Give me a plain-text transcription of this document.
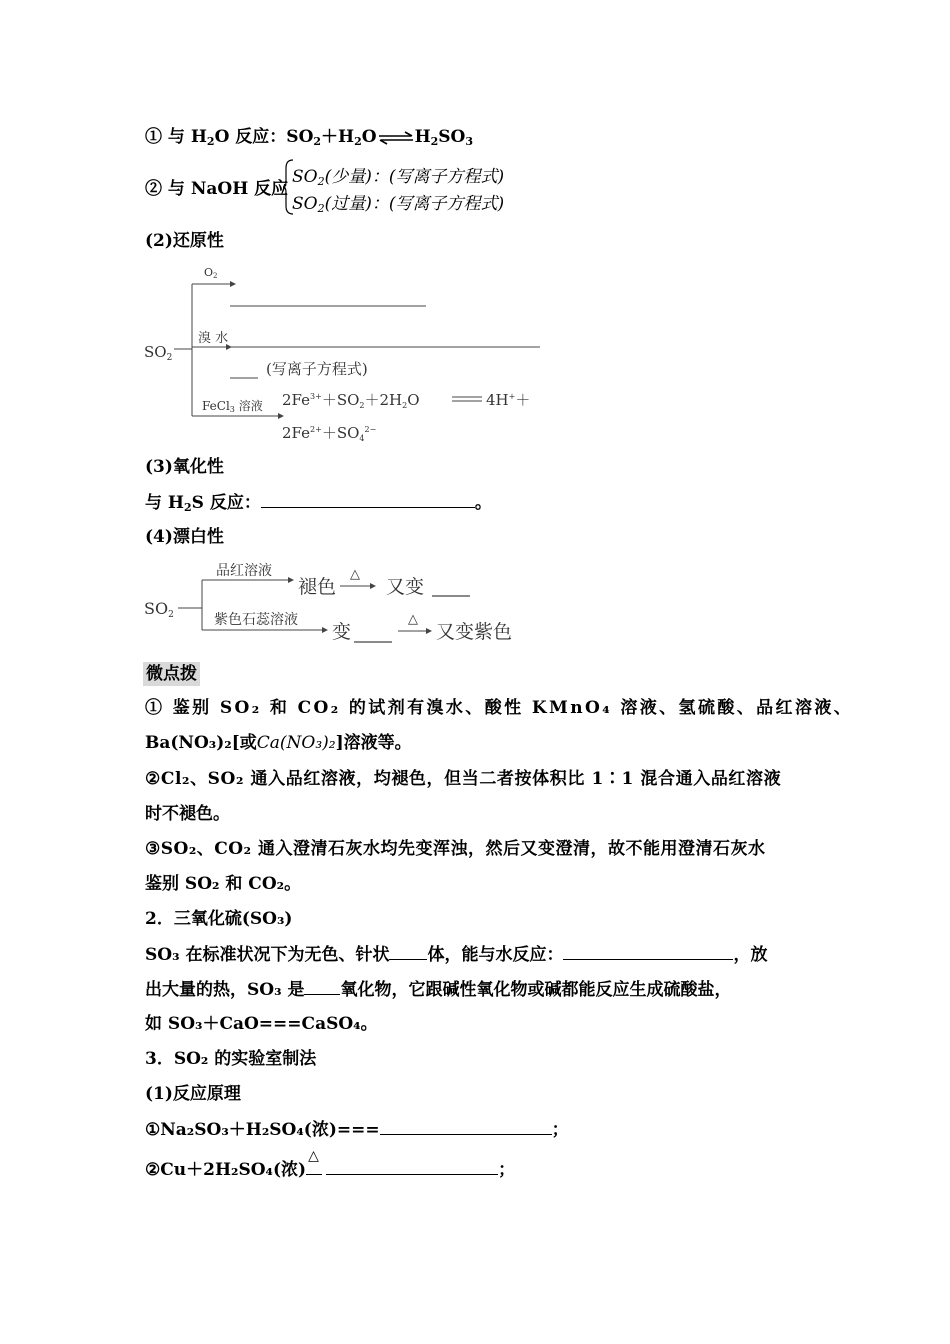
① 与 $H_2O$ 反应：$SO_2+H_2O\rightleftharpoons H_2SO_3$
② 与 NaOH 反应
$SO_2$(少量)：(写离子方程式)
$SO_2$(过量)：(写离子方程式)
(2)还原性
$SO_2$
O2
溴 水
(写离子方程式)
FeCl3 溶液 $2Fe^{3+}+SO_2+2H_2O$	4H+＋
$2Fe^{2+}+SO_4^{2-}$
(3)氧化性
与 $H_2S$ 反应：	。
(4)漂白性
SO2
品红溶液
褪色
△
又变
紫色石蕊溶液
变
△
又变紫色
微点拨
① 鉴别 SO₂ 和 CO₂ 的试剂有溴水、酸性 KMnO₄ 溶液、氢硫酸、品红溶液、
Ba(NO₃)₂[或Ca(NO₃)₂]溶液等。
②Cl₂、SO₂ 通入品红溶液，均褪色，但当二者按体积比 1∶1 混合通入品红溶液
时不褪色。
③SO₂、CO₂ 通入澄清石灰水均先变浑浊，然后又变澄清，故不能用澄清石灰水
鉴别 SO₂ 和 CO₂。
2．三氧化硫(SO₃)
SO₃ 在标准状况下为无色、针状 体，能与水反应：	，放
出大量的热，SO₃ 是 氧化物，它跟碱性氧化物或碱都能反应生成硫酸盐，
如 SO₃＋CaO===CaSO₄。
3．SO₂ 的实验室制法
(1)反应原理
①Na₂SO₃＋H₂SO₄(浓)===	；
②Cu＋2H₂SO₄(浓)
△
；
